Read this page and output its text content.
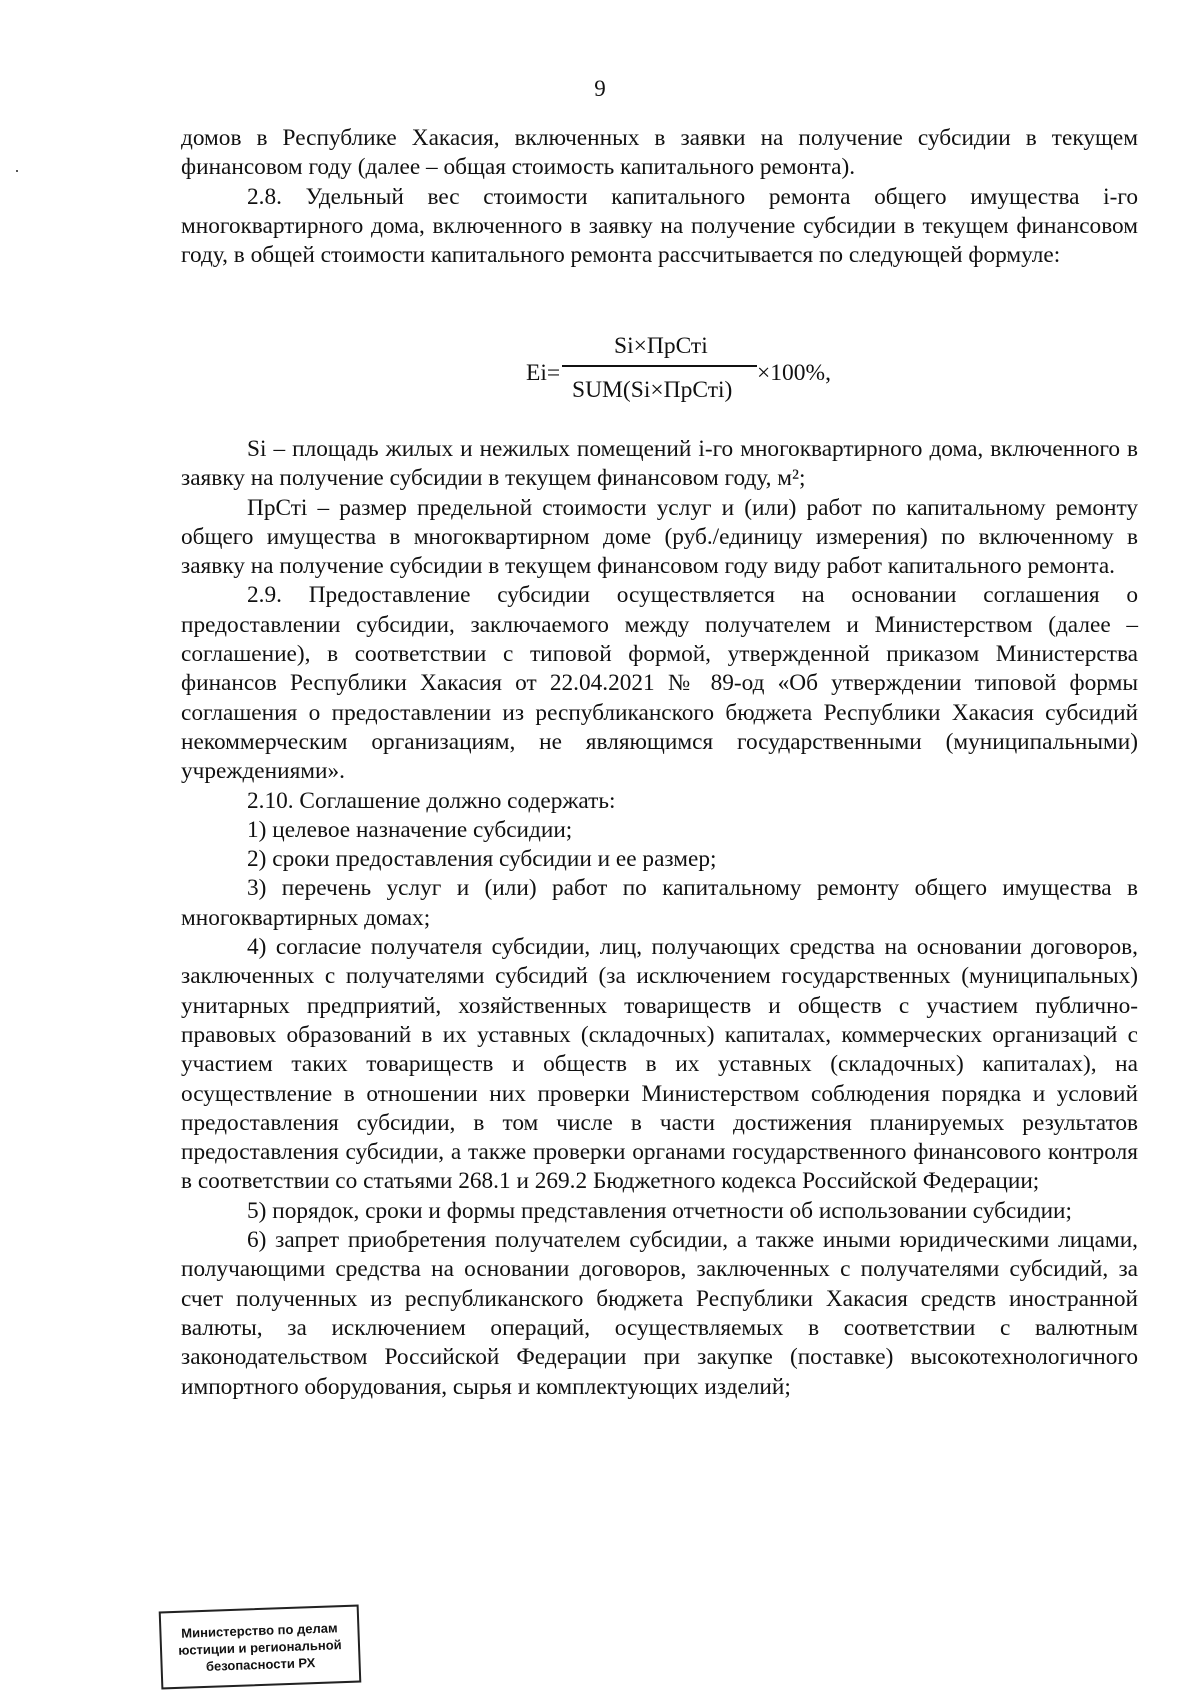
9

домов в Республике Хакасия, включенных в заявки на получение субсидии в текущем финансовом году (далее – общая стоимость капитального ремонта).

2.8. Удельный вес стоимости капитального ремонта общего имущества i-го многоквартирного дома, включенного в заявку на получение субсидии в текущем финансовом году, в общей стоимости капитального ремонта рассчитывается по следующей формуле:

Ei=
Si×ПрСті
SUM(Si×ПрСті)
×100%,

Si – площадь жилых и нежилых помещений i-го многоквартирного дома, включенного в заявку на получение субсидии в текущем финансовом году, м²;

ПрСті – размер предельной стоимости услуг и (или) работ по капитальному ремонту общего имущества в многоквартирном доме (руб./единицу измерения) по включенному в заявку на получение субсидии в текущем финансовом году виду работ капитального ремонта.

2.9. Предоставление субсидии осуществляется на основании соглашения о предоставлении субсидии, заключаемого между получателем и Министерством (далее – соглашение), в соответствии с типовой формой, утвержденной приказом Министерства финансов Республики Хакасия от 22.04.2021 № 89-од «Об утверждении типовой формы соглашения о предоставлении из республиканского бюджета Республики Хакасия субсидий некоммерческим организациям, не являющимся государственными (муниципальными) учреждениями».

2.10. Соглашение должно содержать:

1) целевое назначение субсидии;

2) сроки предоставления субсидии и ее размер;

3) перечень услуг и (или) работ по капитальному ремонту общего имущества в многоквартирных домах;

4) согласие получателя субсидии, лиц, получающих средства на основании договоров, заключенных с получателями субсидий (за исключением государственных (муниципальных) унитарных предприятий, хозяйственных товариществ и обществ с участием публично-правовых образований в их уставных (складочных) капиталах, коммерческих организаций с участием таких товариществ и обществ в их уставных (складочных) капиталах), на осуществление в отношении них проверки Министерством соблюдения порядка и условий предоставления субсидии, в том числе в части достижения планируемых результатов предоставления субсидии, а также проверки органами государственного финансового контроля в соответствии со статьями 268.1 и 269.2 Бюджетного кодекса Российской Федерации;

5) порядок, сроки и формы представления отчетности об использовании субсидии;

6) запрет приобретения получателем субсидии, а также иными юридическими лицами, получающими средства на основании договоров, заключенных с получателями субсидий, за счет полученных из республиканского бюджета Республики Хакасия средств иностранной валюты, за исключением операций, осуществляемых в соответствии с валютным законодательством Российской Федерации при закупке (поставке) высокотехнологичного импортного оборудования, сырья и комплектующих изделий;

Министерство по делам
юстиции и региональной
безопасности РХ
